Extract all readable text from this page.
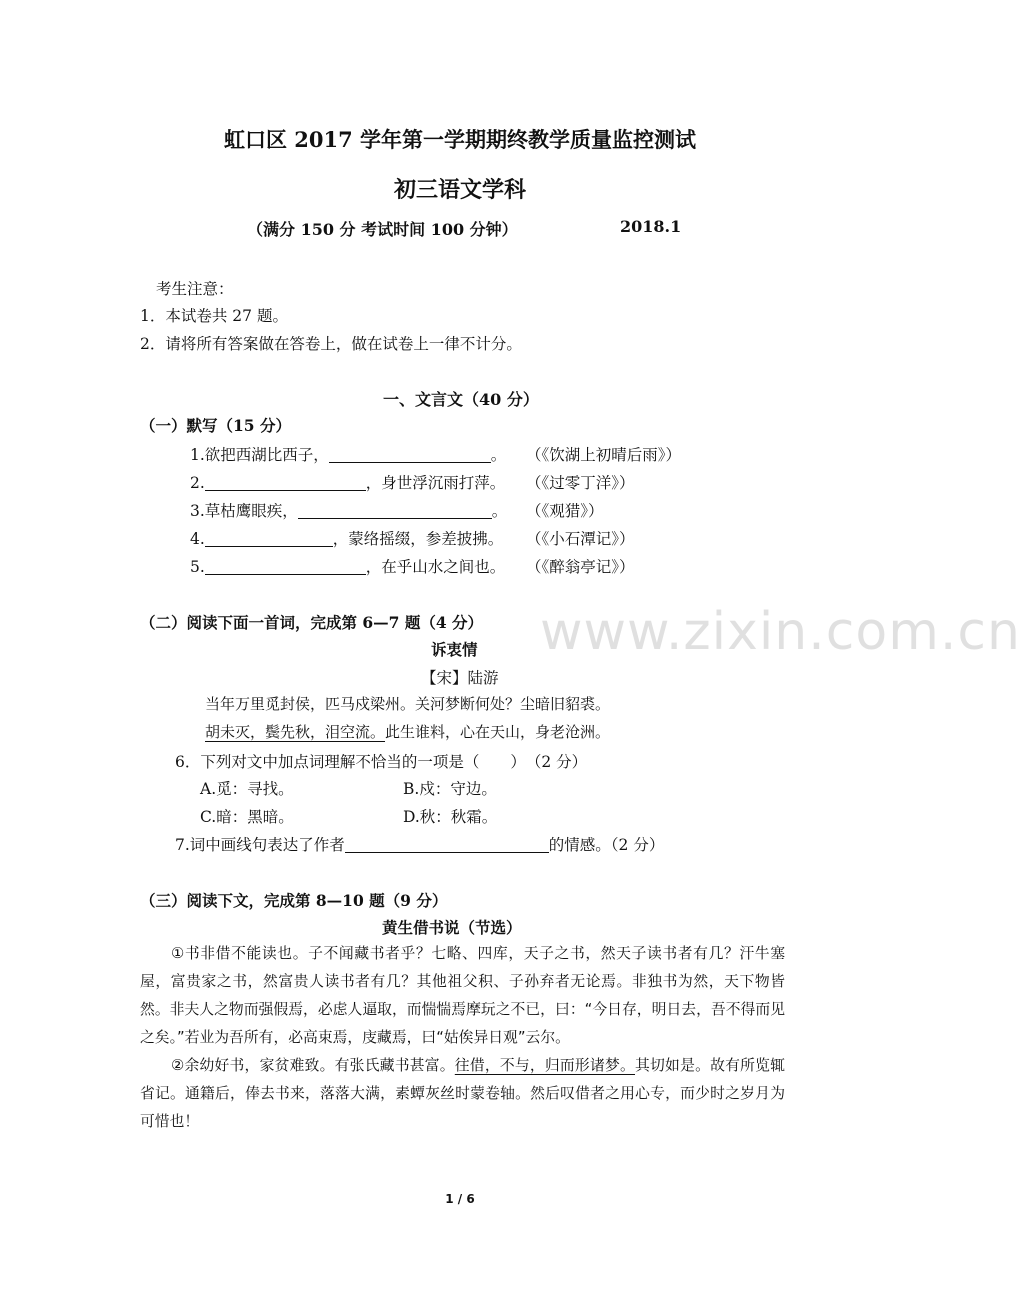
虹口区 2017 学年第一学期期终教学质量监控测试
初三语文学科
（满分 150 分 考试时间 100 分钟）	2018.1
考生注意：
1．本试卷共 27 题。
2．请将所有答案做在答卷上，做在试卷上一律不计分。
一、文言文（40 分）
（一）默写（15 分）
1.欲把西湖比西子，	。 （《饮湖上初晴后雨》）
2.	，身世浮沉雨打萍。 （《过零丁洋》）
3.草枯鹰眼疾，	。 （《观猎》）
4.	，蒙络摇缀，参差披拂。 （《小石潭记》）
5.	，在乎山水之间也。 （《醉翁亭记》）
（二）阅读下面一首词，完成第 6—7 题（4 分）
诉衷情
【宋】陆游
当年万里觅封侯，匹马戍梁州。关河梦断何处？尘暗旧貂裘。
胡未灭，鬓先秋，泪空流。此生谁料，心在天山，身老沧洲。
6．下列对文中加点词理解不恰当的一项是（　　）　（2 分）
A.觅：寻找。	B.戍：守边。
C.暗：黑暗。	D.秋：秋霜。
7.词中画线句表达了作者	的情感。（2 分）
（三）阅读下文，完成第 8—10 题（9 分）
黄生借书说（节选）

①书非借不能读也。子不闻藏书者乎？七略、四库，天子之书，然天子读书者有几？汗牛塞屋，富贵家之书，然富贵人读书者有几？其他祖父积、子孙弃者无论焉。非独书为然，天下物皆然。非夫人之物而强假焉，必虑人逼取，而惴惴焉摩玩之不已，曰：“今日存，明日去，吾不得而见之矣。”若业为吾所有，必高束焉，庋藏焉，曰“姑俟异日观”云尔。

②余幼好书，家贫难致。有张氏藏书甚富。往借，不与，归而形诸梦。其切如是。故有所览辄省记。通籍后，俸去书来，落落大满，素蟫灰丝时蒙卷轴。然后叹借者之用心专，而少时之岁月为可惜也！

www.zixin.com.cn
1 / 6
